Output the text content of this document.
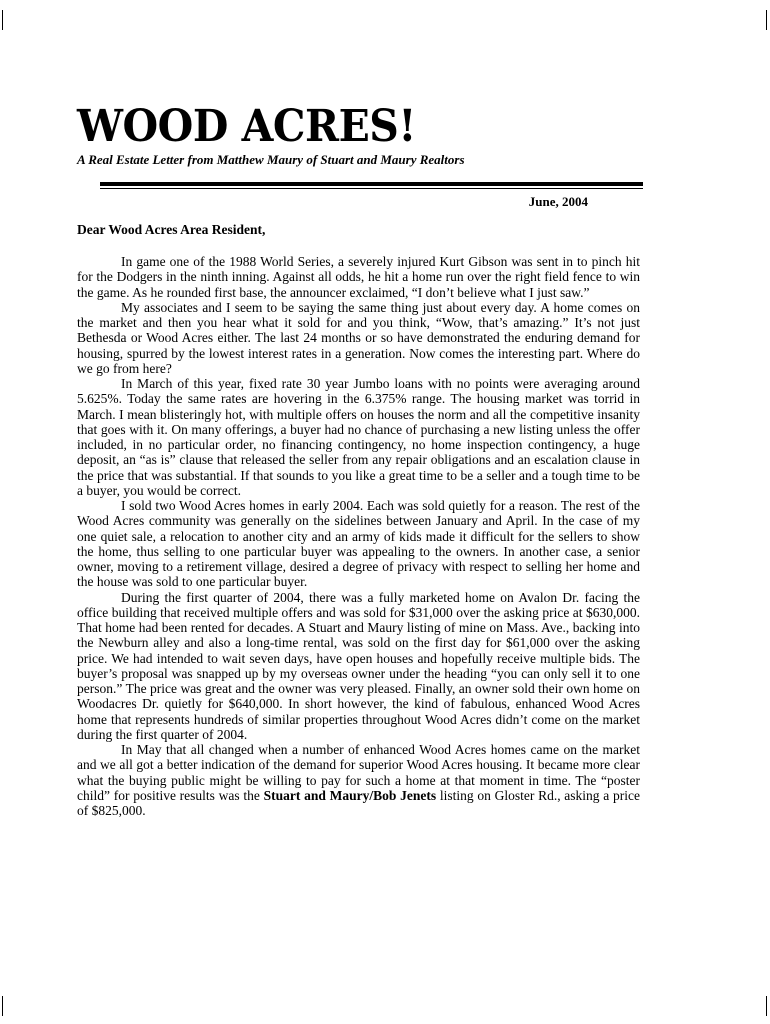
WOOD ACRES!

A Real Estate Letter from Matthew Maury of Stuart and Maury Realtors

June, 2004

Dear Wood Acres Area Resident,

In game one of the 1988 World Series, a severely injured Kurt Gibson was sent in to pinch hit for the Dodgers in the ninth inning. Against all odds, he hit a home run over the right field fence to win the game. As he rounded first base, the announcer exclaimed, “I don’t believe what I just saw.”

My associates and I seem to be saying the same thing just about every day. A home comes on the market and then you hear what it sold for and you think, “Wow, that’s amazing.” It’s not just Bethesda or Wood Acres either. The last 24 months or so have demonstrated the enduring demand for housing, spurred by the lowest interest rates in a generation. Now comes the interesting part. Where do we go from here?

In March of this year, fixed rate 30 year Jumbo loans with no points were averaging around 5.625%. Today the same rates are hovering in the 6.375% range. The housing market was torrid in March. I mean blisteringly hot, with multiple offers on houses the norm and all the competitive insanity that goes with it. On many offerings, a buyer had no chance of purchasing a new listing unless the offer included, in no particular order, no financing contingency, no home inspection contingency, a huge deposit, an “as is” clause that released the seller from any repair obligations and an escalation clause in the price that was substantial. If that sounds to you like a great time to be a seller and a tough time to be a buyer, you would be correct.

I sold two Wood Acres homes in early 2004. Each was sold quietly for a reason. The rest of the Wood Acres community was generally on the sidelines between January and April. In the case of my one quiet sale, a relocation to another city and an army of kids made it difficult for the sellers to show the home, thus selling to one particular buyer was appealing to the owners. In another case, a senior owner, moving to a retirement village, desired a degree of privacy with respect to selling her home and the house was sold to one particular buyer.

During the first quarter of 2004, there was a fully marketed home on Avalon Dr. facing the office building that received multiple offers and was sold for $31,000 over the asking price at $630,000. That home had been rented for decades. A Stuart and Maury listing of mine on Mass. Ave., backing into the Newburn alley and also a long-time rental, was sold on the first day for $61,000 over the asking price. We had intended to wait seven days, have open houses and hopefully receive multiple bids. The buyer’s proposal was snapped up by my overseas owner under the heading “you can only sell it to one person.” The price was great and the owner was very pleased. Finally, an owner sold their own home on Woodacres Dr. quietly for $640,000. In short however, the kind of fabulous, enhanced Wood Acres home that represents hundreds of similar properties throughout Wood Acres didn’t come on the market during the first quarter of 2004.

In May that all changed when a number of enhanced Wood Acres homes came on the market and we all got a better indication of the demand for superior Wood Acres housing. It became more clear what the buying public might be willing to pay for such a home at that moment in time. The “poster child” for positive results was the Stuart and Maury/Bob Jenets listing on Gloster Rd., asking a price of $825,000.
